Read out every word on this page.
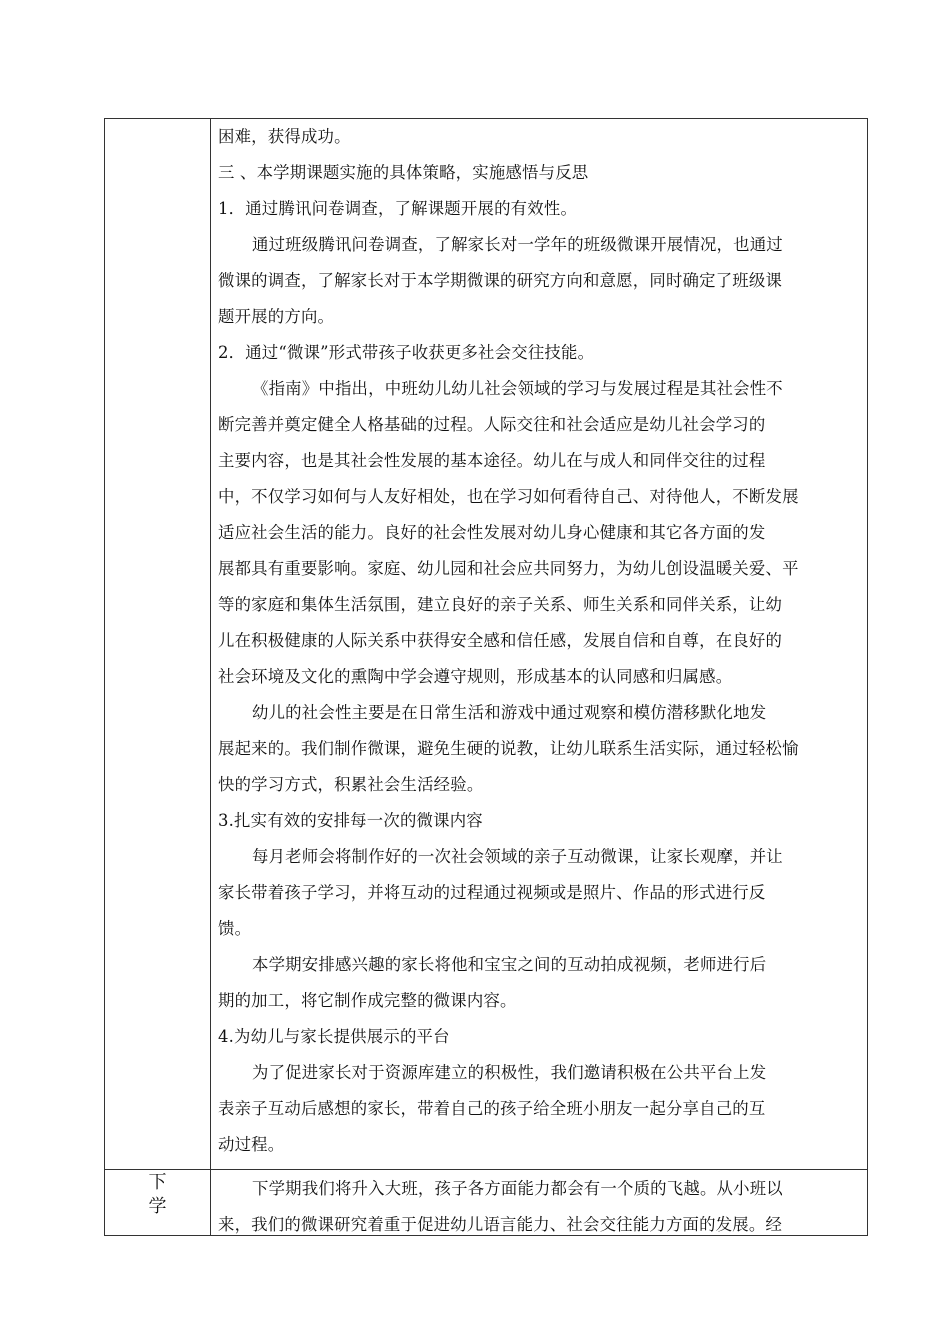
困难，获得成功。

三 、本学期课题实施的具体策略，实施感悟与反思

1．通过腾讯问卷调查，了解课题开展的有效性。

通过班级腾讯问卷调查，了解家长对一学年的班级微课开展情况，也通过

微课的调查，了解家长对于本学期微课的研究方向和意愿，同时确定了班级课

题开展的方向。

2．通过“微课”形式带孩子收获更多社会交往技能。

《指南》中指出，中班幼儿幼儿社会领域的学习与发展过程是其社会性不

断完善并奠定健全人格基础的过程。人际交往和社会适应是幼儿社会学习的

主要内容，也是其社会性发展的基本途径。幼儿在与成人和同伴交往的过程

中，不仅学习如何与人友好相处，也在学习如何看待自己、对待他人，不断发展

适应社会生活的能力。良好的社会性发展对幼儿身心健康和其它各方面的发

展都具有重要影响。家庭、幼儿园和社会应共同努力，为幼儿创设温暖关爱、平

等的家庭和集体生活氛围，建立良好的亲子关系、师生关系和同伴关系，让幼

儿在积极健康的人际关系中获得安全感和信任感，发展自信和自尊，在良好的

社会环境及文化的熏陶中学会遵守规则，形成基本的认同感和归属感。

幼儿的社会性主要是在日常生活和游戏中通过观察和模仿潜移默化地发

展起来的。我们制作微课，避免生硬的说教，让幼儿联系生活实际，通过轻松愉

快的学习方式，积累社会生活经验。

3.扎实有效的安排每一次的微课内容

每月老师会将制作好的一次社会领域的亲子互动微课，让家长观摩，并让

家长带着孩子学习，并将互动的过程通过视频或是照片、作品的形式进行反

馈。

本学期安排感兴趣的家长将他和宝宝之间的互动拍成视频，老师进行后

期的加工，将它制作成完整的微课内容。

4.为幼儿与家长提供展示的平台

为了促进家长对于资源库建立的积极性，我们邀请积极在公共平台上发

表亲子互动后感想的家长，带着自己的孩子给全班小朋友一起分享自己的互

动过程。

下
学

下学期我们将升入大班，孩子各方面能力都会有一个质的飞越。从小班以

来，我们的微课研究着重于促进幼儿语言能力、社会交往能力方面的发展。经
